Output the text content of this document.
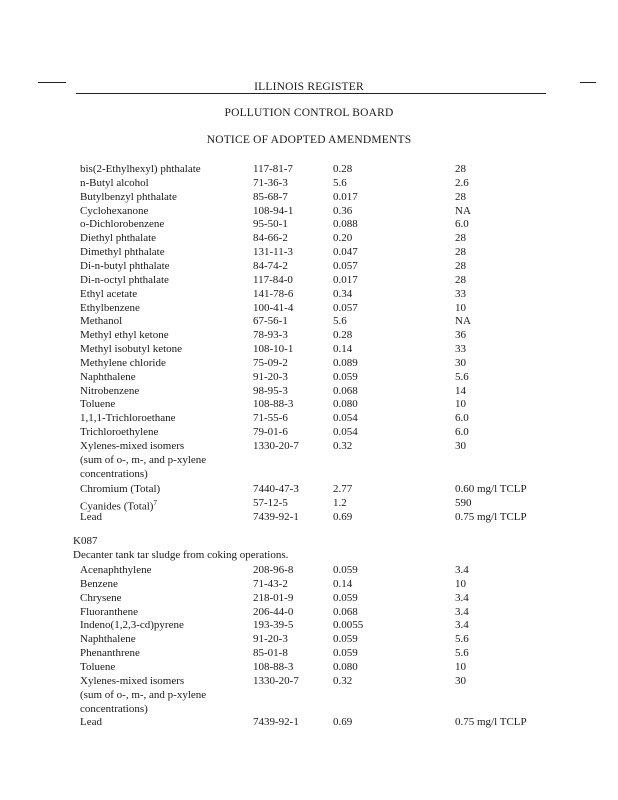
ILLINOIS REGISTER
POLLUTION CONTROL BOARD
NOTICE OF ADOPTED AMENDMENTS
bis(2-Ethylhexyl) phthalate	117-81-7	0.28	28
n-Butyl alcohol	71-36-3	5.6	2.6
Butylbenzyl phthalate	85-68-7	0.017	28
Cyclohexanone	108-94-1	0.36	NA
o-Dichlorobenzene	95-50-1	0.088	6.0
Diethyl phthalate	84-66-2	0.20	28
Dimethyl phthalate	131-11-3	0.047	28
Di-n-butyl phthalate	84-74-2	0.057	28
Di-n-octyl phthalate	117-84-0	0.017	28
Ethyl acetate	141-78-6	0.34	33
Ethylbenzene	100-41-4	0.057	10
Methanol	67-56-1	5.6	NA
Methyl ethyl ketone	78-93-3	0.28	36
Methyl isobutyl ketone	108-10-1	0.14	33
Methylene chloride	75-09-2	0.089	30
Naphthalene	91-20-3	0.059	5.6
Nitrobenzene	98-95-3	0.068	14
Toluene	108-88-3	0.080	10
1,1,1-Trichloroethane	71-55-6	0.054	6.0
Trichloroethylene	79-01-6	0.054	6.0
Xylenes-mixed isomers	1330-20-7	0.32	30
(sum of o-, m-, and p-xylene
concentrations)
Chromium (Total)	7440-47-3	2.77	0.60 mg/l TCLP
Cyanides (Total)$^7$	57-12-5	1.2	590
Lead	7439-92-1	0.69	0.75 mg/l TCLP
K087
Decanter tank tar sludge from coking operations.
Acenaphthylene	208-96-8	0.059	3.4
Benzene	71-43-2	0.14	10
Chrysene	218-01-9	0.059	3.4
Fluoranthene	206-44-0	0.068	3.4
Indeno(1,2,3-cd)pyrene	193-39-5	0.0055	3.4
Naphthalene	91-20-3	0.059	5.6
Phenanthrene	85-01-8	0.059	5.6
Toluene	108-88-3	0.080	10
Xylenes-mixed isomers	1330-20-7	0.32	30
(sum of o-, m-, and p-xylene
concentrations)
Lead	7439-92-1	0.69	0.75 mg/l TCLP
